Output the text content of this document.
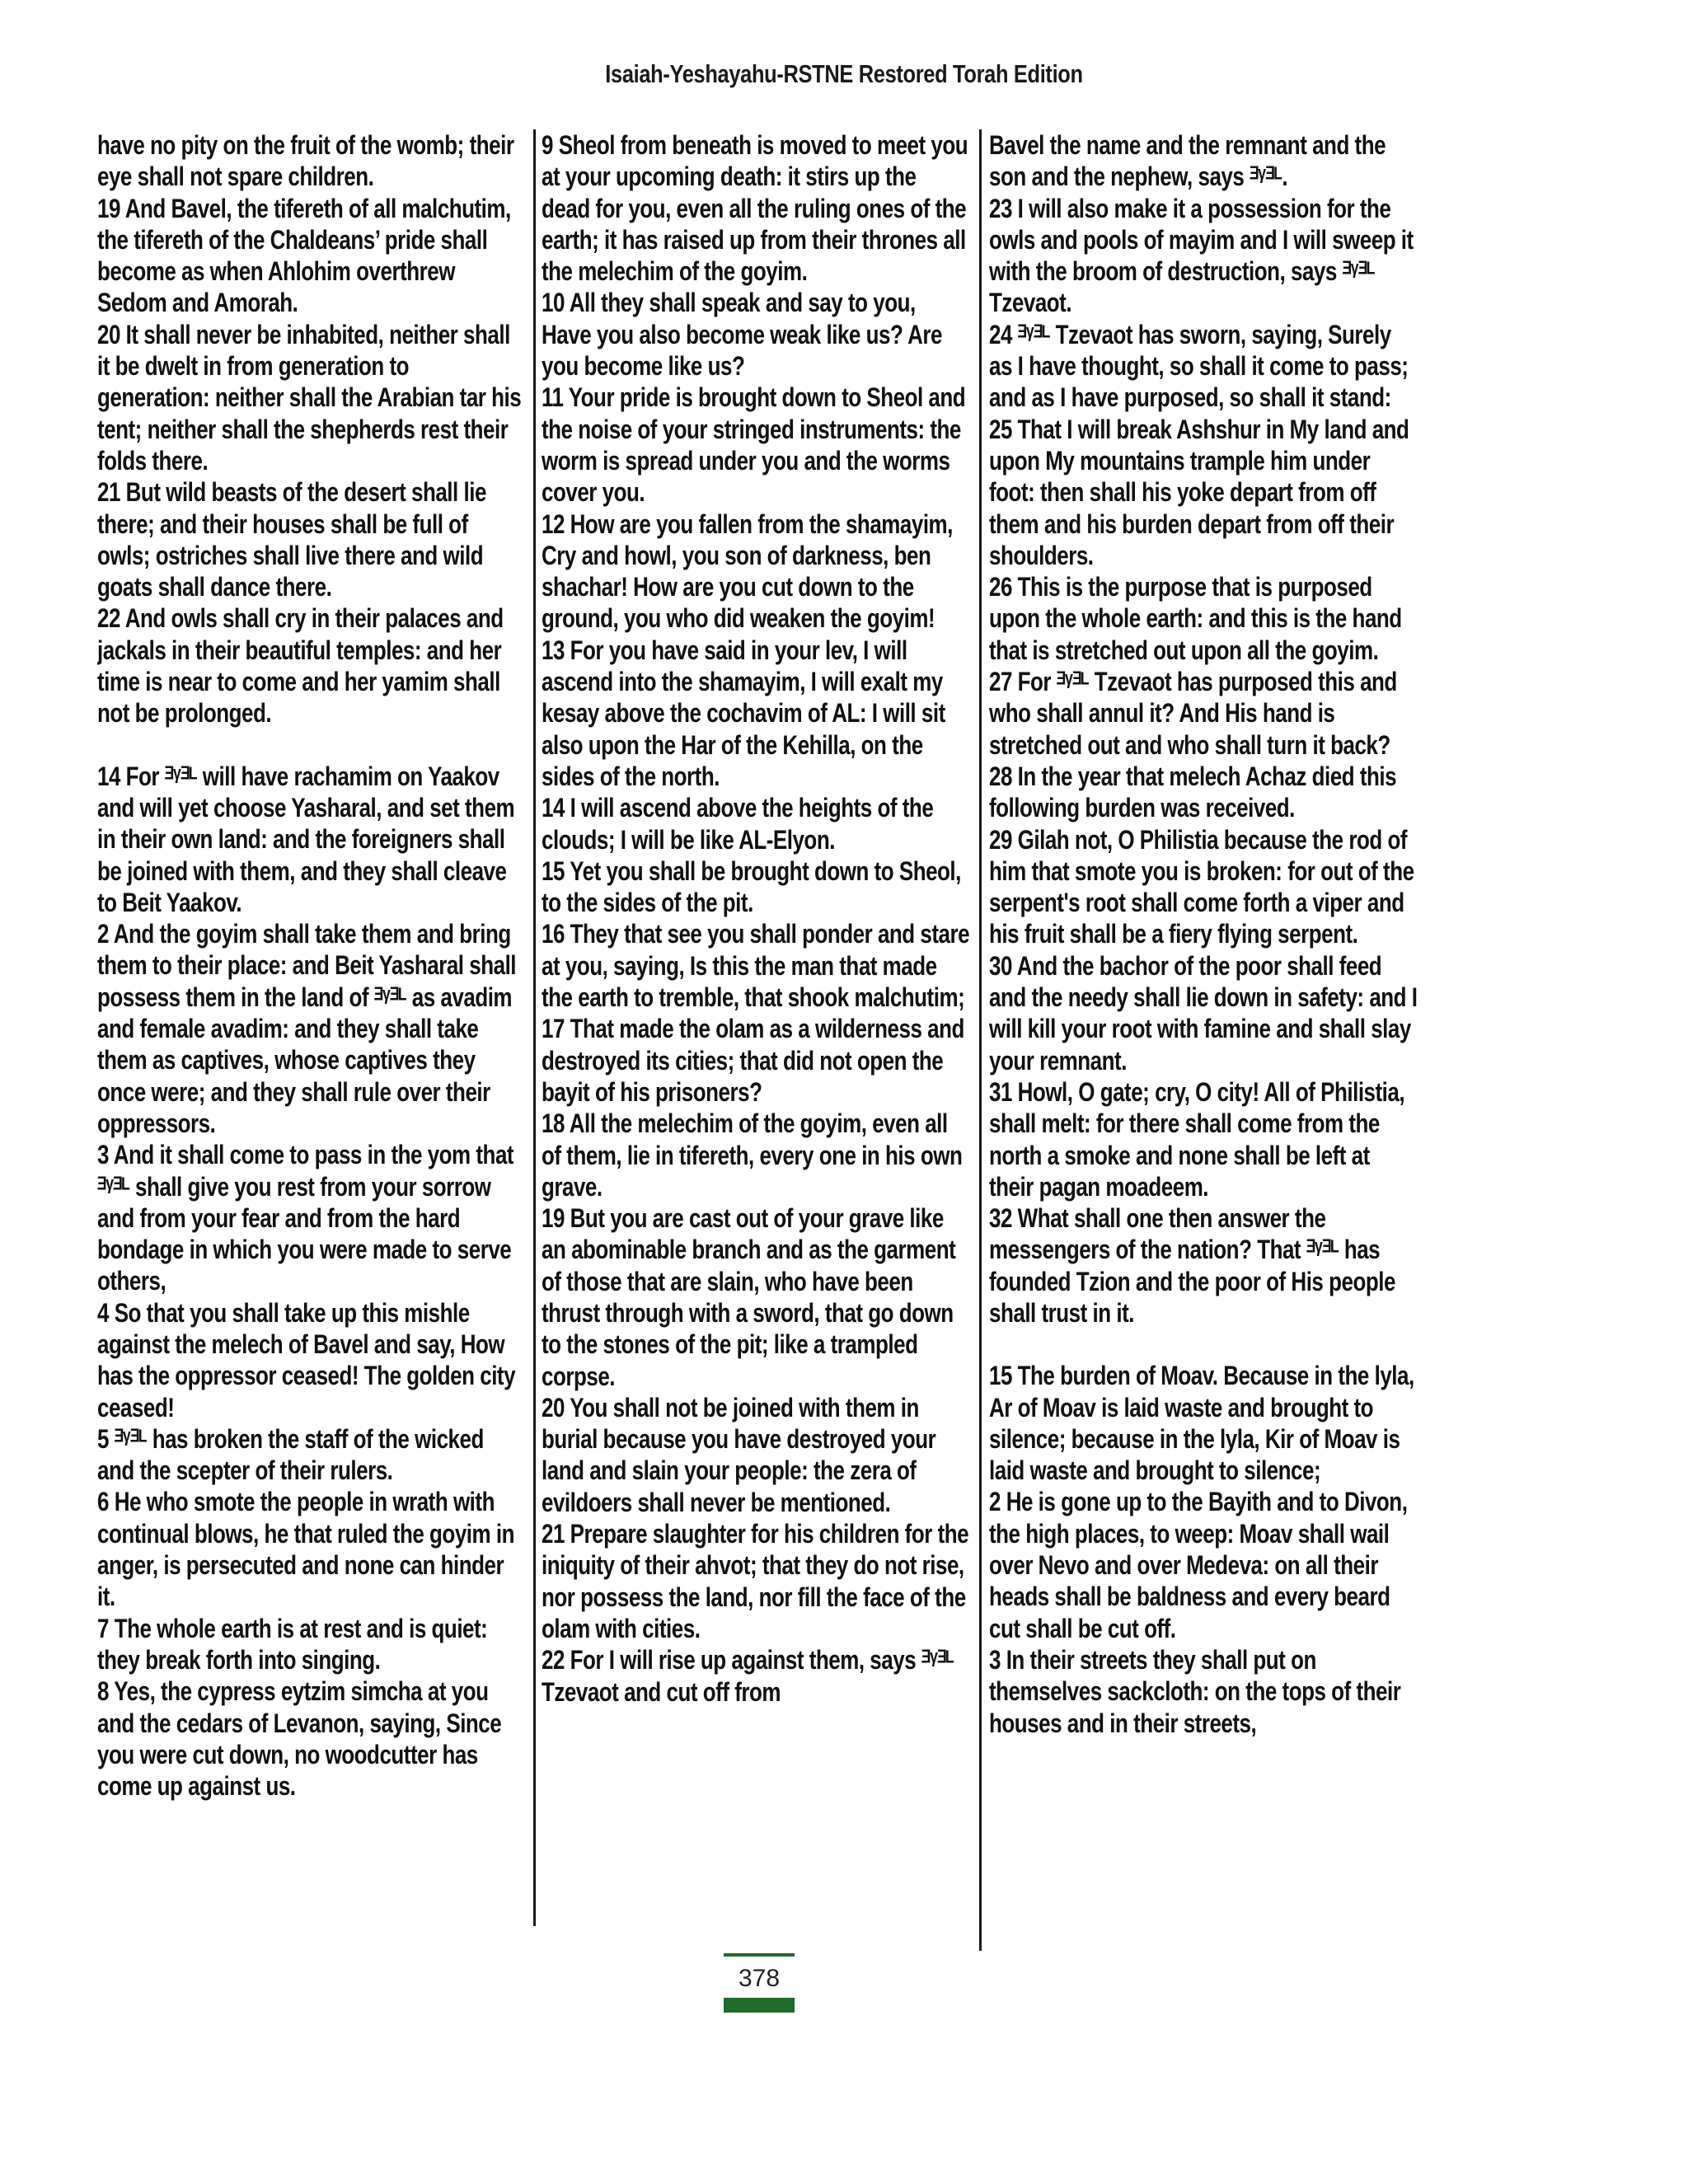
Isaiah-Yeshayahu-RSTNE Restored Torah Edition

have no pity on the fruit of the womb; their eye shall not spare children.

19 And Bavel, the tifereth of all malchutim, the tifereth of the Chaldeans’ pride shall become as when Ahlohim overthrew Sedom and Amorah.

20 It shall never be inhabited, neither shall it be dwelt in from generation to generation: neither shall the Arabian tar his tent; neither shall the shepherds rest their folds there.

21 But wild beasts of the desert shall lie there; and their houses shall be full of owls; ostriches shall live there and wild goats shall dance there.

22 And owls shall cry in their palaces and jackals in their beautiful temples: and her time is near to come and her yamim shall not be prolonged.

14 For ᴲᵞᴲᴸ will have rachamim on Yaakov and will yet choose Yasharal, and set them in their own land: and the foreigners shall be joined with them, and they shall cleave to Beit Yaakov.

2 And the goyim shall take them and bring them to their place: and Beit Yasharal shall possess them in the land of ᴲᵞᴲᴸ as avadim and female avadim: and they shall take them as captives, whose captives they once were; and they shall rule over their oppressors.

3 And it shall come to pass in the yom that ᴲᵞᴲᴸ shall give you rest from your sorrow and from your fear and from the hard bondage in which you were made to serve others,

4 So that you shall take up this mishle against the melech of Bavel and say, How has the oppressor ceased! The golden city ceased!

5 ᴲᵞᴲᴸ has broken the staff of the wicked and the scepter of their rulers.

6 He who smote the people in wrath with continual blows, he that ruled the goyim in anger, is persecuted and none can hinder it.

7 The whole earth is at rest and is quiet: they break forth into singing.

8 Yes, the cypress eytzim simcha at you and the cedars of Levanon, saying, Since you were cut down, no woodcutter has come up against us.

9 Sheol from beneath is moved to meet you at your upcoming death: it stirs up the dead for you, even all the ruling ones of the earth; it has raised up from their thrones all the melechim of the goyim.

10 All they shall speak and say to you, Have you also become weak like us? Are you become like us?

11 Your pride is brought down to Sheol and the noise of your stringed instruments: the worm is spread under you and the worms cover you.

12 How are you fallen from the shamayim, Cry and howl, you son of darkness, ben shachar! How are you cut down to the ground, you who did weaken the goyim!

13 For you have said in your lev, I will ascend into the shamayim, I will exalt my kesay above the cochavim of AL: I will sit also upon the Har of the Kehilla, on the sides of the north.

14 I will ascend above the heights of the clouds; I will be like AL-Elyon.

15 Yet you shall be brought down to Sheol, to the sides of the pit.

16 They that see you shall ponder and stare at you, saying, Is this the man that made the earth to tremble, that shook malchutim;

17 That made the olam as a wilderness and destroyed its cities; that did not open the bayit of his prisoners?

18 All the melechim of the goyim, even all of them, lie in tifereth, every one in his own grave.

19 But you are cast out of your grave like an abominable branch and as the garment of those that are slain, who have been thrust through with a sword, that go down to the stones of the pit; like a trampled corpse.

20 You shall not be joined with them in burial because you have destroyed your land and slain your people: the zera of evildoers shall never be mentioned.

21 Prepare slaughter for his children for the iniquity of their ahvot; that they do not rise, nor possess the land, nor fill the face of the olam with cities.

22 For I will rise up against them, says ᴲᵞᴲᴸ Tzevaot and cut off from

Bavel the name and the remnant and the son and the nephew, says ᴲᵞᴲᴸ.

23 I will also make it a possession for the owls and pools of mayim and I will sweep it with the broom of destruction, says ᴲᵞᴲᴸ Tzevaot.

24 ᴲᵞᴲᴸ Tzevaot has sworn, saying, Surely as I have thought, so shall it come to pass; and as I have purposed, so shall it stand:

25 That I will break Ashshur in My land and upon My mountains trample him under foot: then shall his yoke depart from off them and his burden depart from off their shoulders.

26 This is the purpose that is purposed upon the whole earth: and this is the hand that is stretched out upon all the goyim.

27 For ᴲᵞᴲᴸ Tzevaot has purposed this and who shall annul it? And His hand is stretched out and who shall turn it back?

28 In the year that melech Achaz died this following burden was received.

29 Gilah not, O Philistia because the rod of him that smote you is broken: for out of the serpent's root shall come forth a viper and his fruit shall be a fiery flying serpent.

30 And the bachor of the poor shall feed and the needy shall lie down in safety: and I will kill your root with famine and shall slay your remnant.

31 Howl, O gate; cry, O city! All of Philistia, shall melt: for there shall come from the north a smoke and none shall be left at their pagan moadeem.

32 What shall one then answer the messengers of the nation? That ᴲᵞᴲᴸ has founded Tzion and the poor of His people shall trust in it.

15 The burden of Moav. Because in the lyla, Ar of Moav is laid waste and brought to silence; because in the lyla, Kir of Moav is laid waste and brought to silence;

2 He is gone up to the Bayith and to Divon, the high places, to weep: Moav shall wail over Nevo and over Medeva: on all their heads shall be baldness and every beard cut shall be cut off.

3 In their streets they shall put on themselves sackcloth: on the tops of their houses and in their streets,

378
